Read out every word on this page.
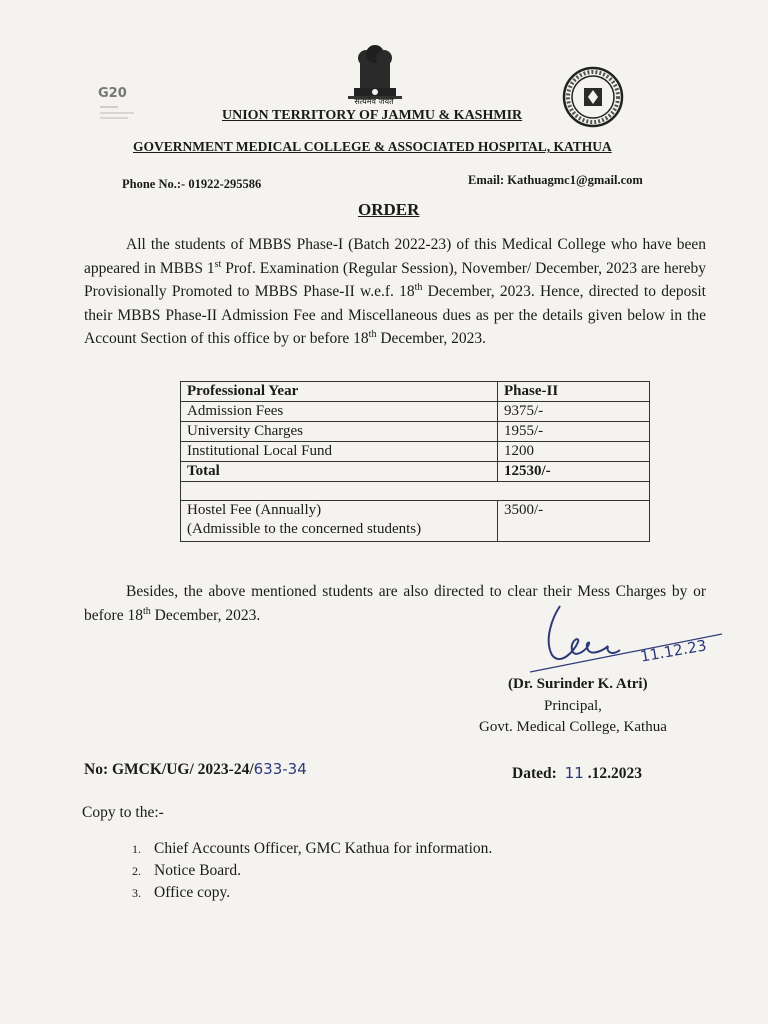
सत्यमेव जयते
G20
UNION TERRITORY OF JAMMU & KASHMIR
GOVERNMENT MEDICAL COLLEGE & ASSOCIATED HOSPITAL, KATHUA
Phone No.:- 01922-295586	Email: Kathuagmc1@gmail.com
ORDER
All the students of MBBS Phase-I (Batch 2022-23) of this Medical College who have been appeared in MBBS 1st Prof. Examination (Regular Session), November/ December, 2023 are hereby Provisionally Promoted to MBBS Phase-II w.e.f. 18th December, 2023. Hence, directed to deposit their MBBS Phase-II Admission Fee and Miscellaneous dues as per the details given below in the Account Section of this office by or before 18th December, 2023.
Professional Year	Phase-II
Admission Fees	9375/-
University Charges	1955/-
Institutional Local Fund	1200
Total	12530/-

Hostel Fee (Annually)
(Admissible to the concerned students)	3500/-
Besides, the above mentioned students are also directed to clear their Mess Charges by or before 18th December, 2023.
11.12.23
(Dr. Surinder K. Atri)
Principal,
Govt. Medical College, Kathua
No: GMCK/UG/ 2023-24/633-34	Dated: 11 .12.2023
Copy to the:-
1. Chief Accounts Officer, GMC Kathua for information.
2. Notice Board.
3. Office copy.
